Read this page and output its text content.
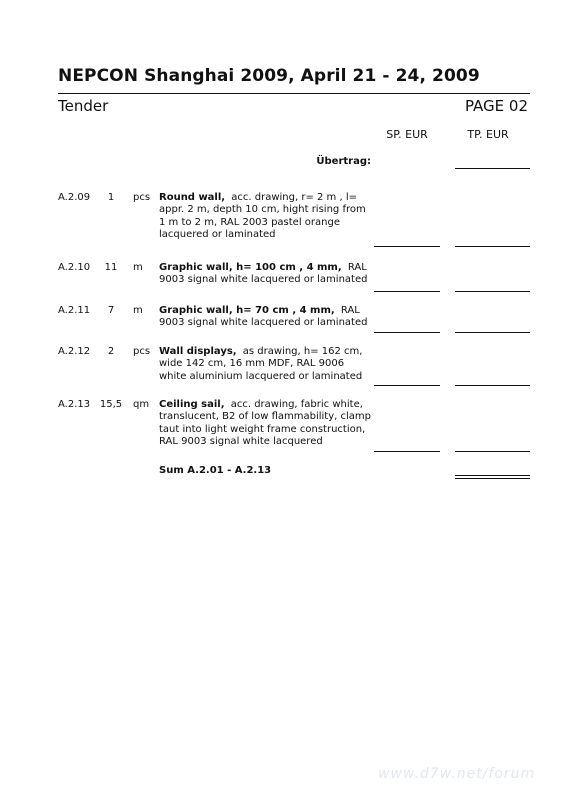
NEPCON Shanghai 2009, April 21 - 24, 2009
Tender	PAGE 02
SP. EUR	TP. EUR
Übertrag:
A.2.09	1	pcs Round wall, acc. drawing, r= 2 m , l= appr. 2 m, depth 10 cm, hight rising from 1 m to 2 m, RAL 2003 pastel orange lacquered or laminated
A.2.10	11	m Graphic wall, h= 100 cm , 4 mm, RAL 9003 signal white lacquered or laminated
A.2.11	7	m Graphic wall, h= 70 cm , 4 mm, RAL 9003 signal white lacquered or laminated
A.2.12	2	pcs Wall displays, as drawing, h= 162 cm, wide 142 cm, 16 mm MDF, RAL 9006 white aluminium lacquered or laminated
A.2.13 15,5	qm Ceiling sail, acc. drawing, fabric white, translucent, B2 of low flammability, clamp taut into light weight frame construction, RAL 9003 signal white lacquered
Sum A.2.01 - A.2.13
www.d7w.net/forum
